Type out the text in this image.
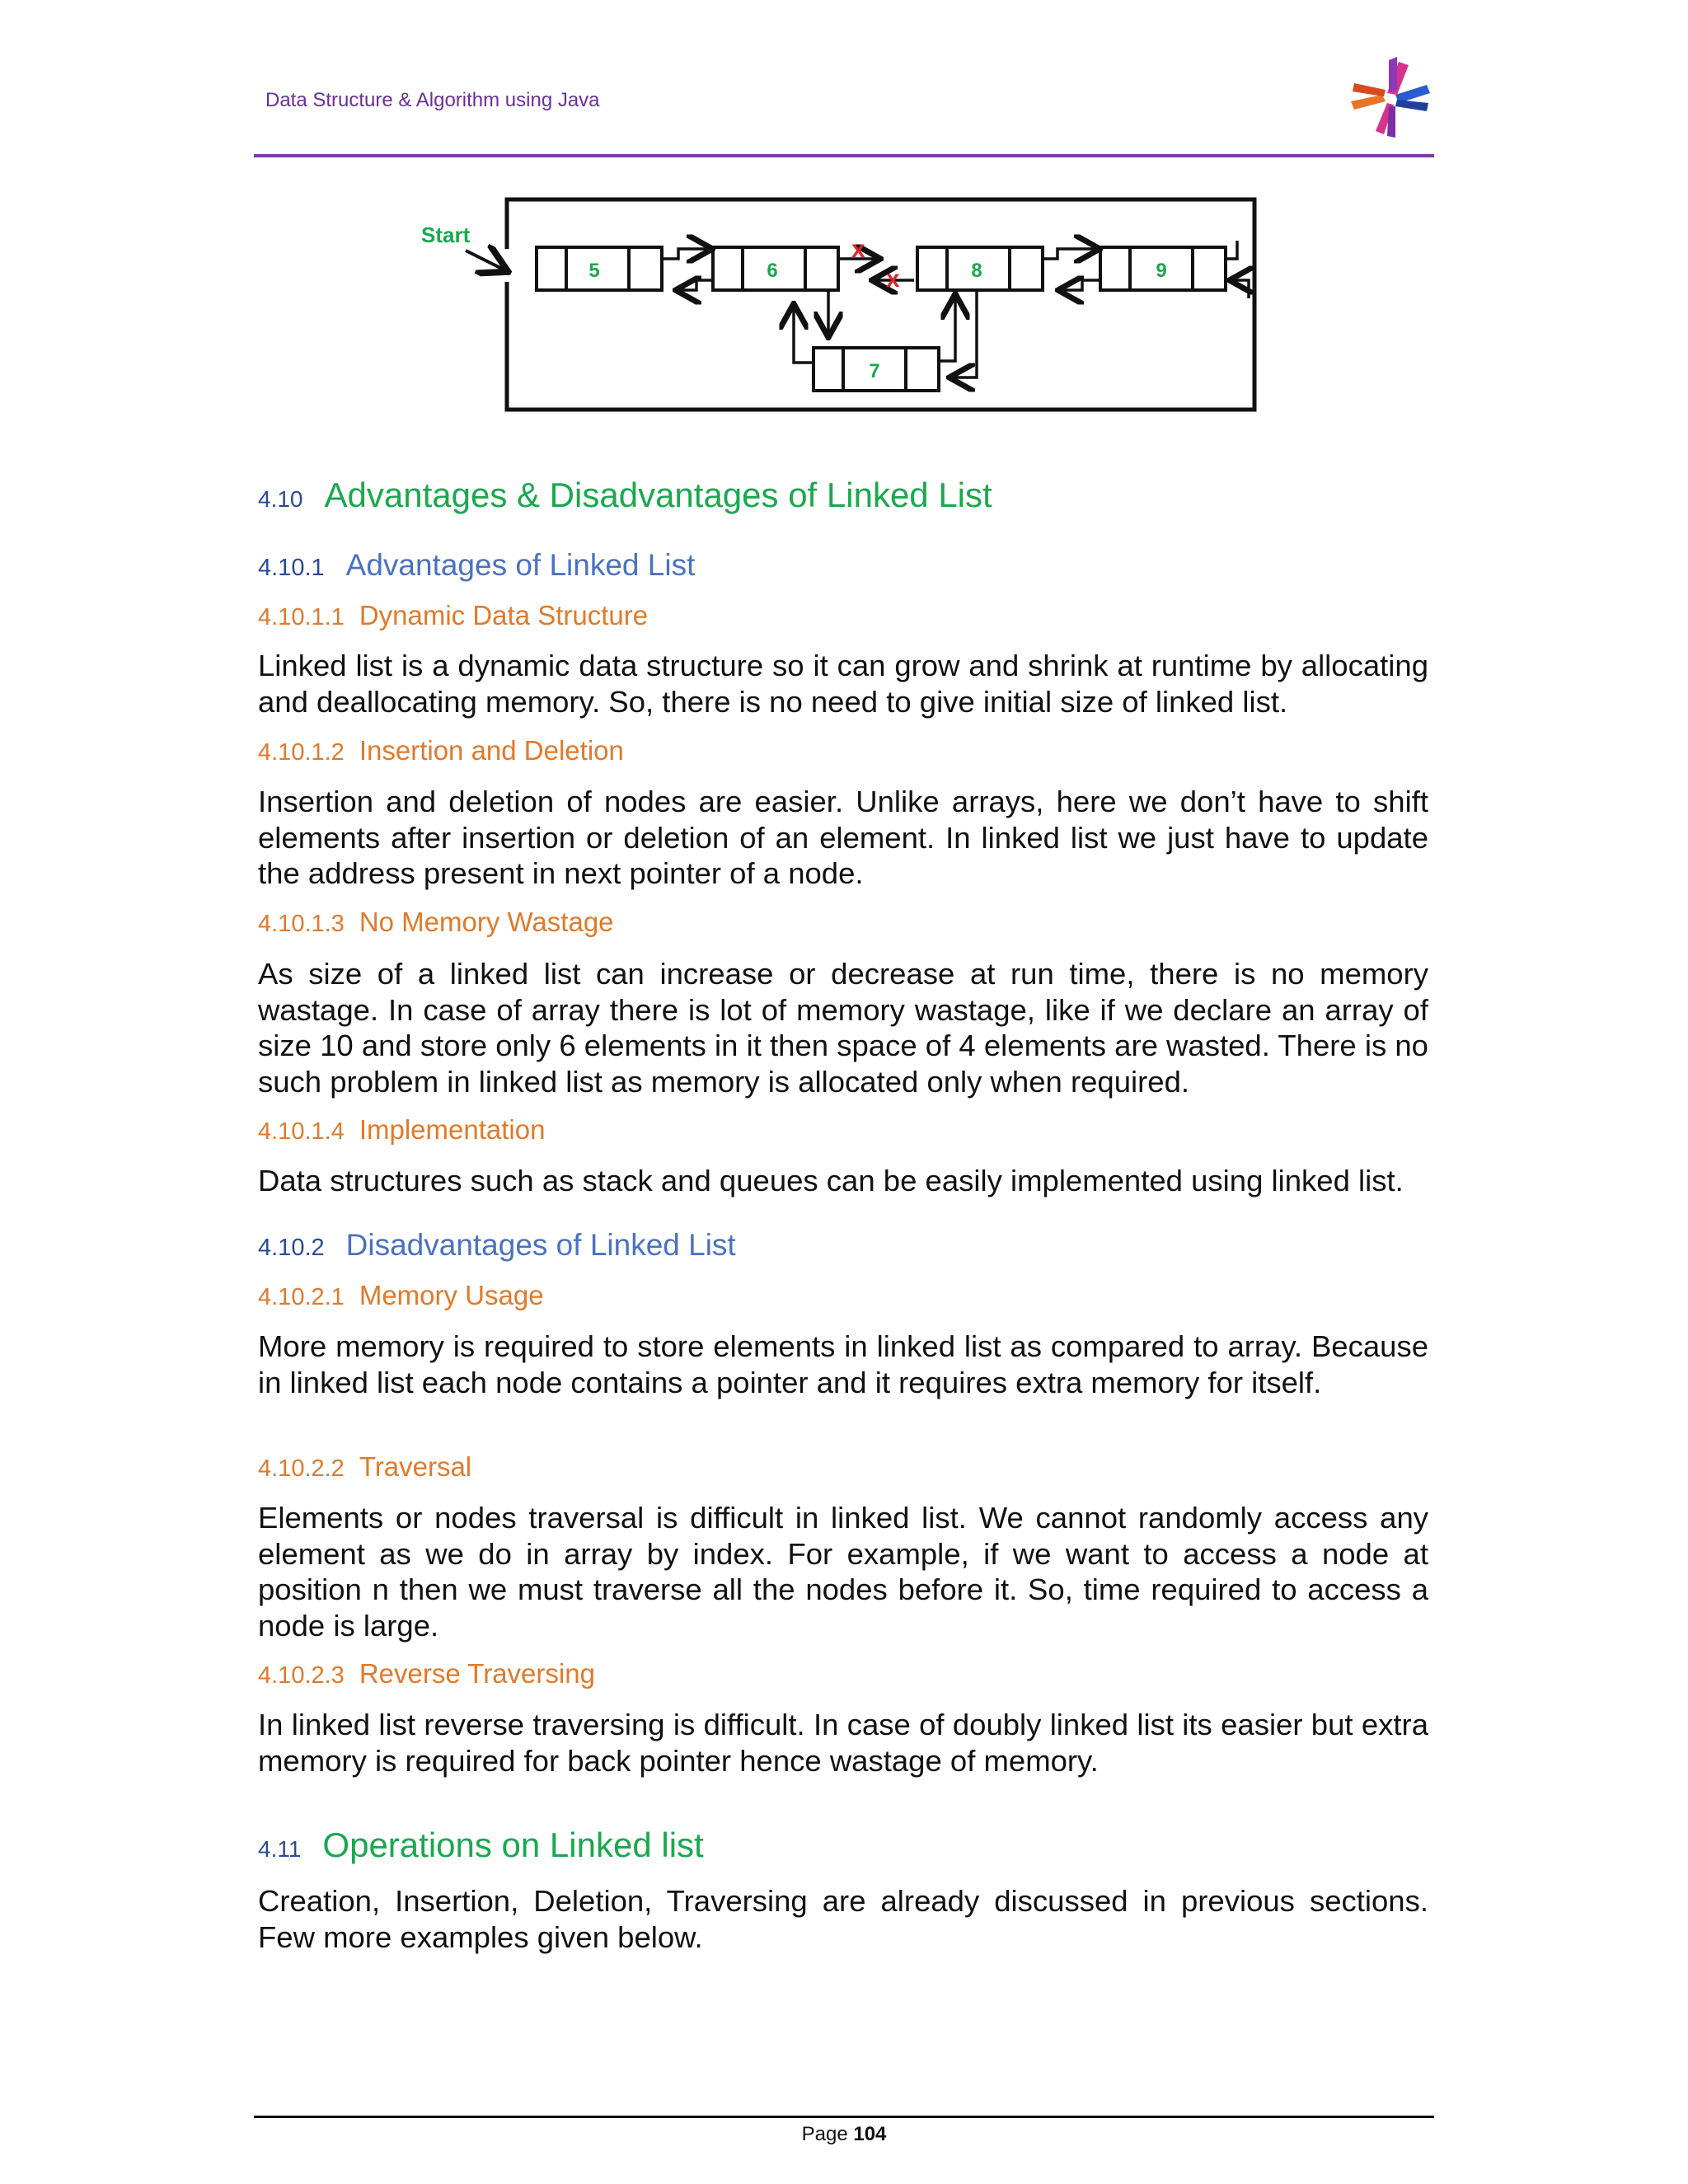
Data Structure & Algorithm using Java
Start
5	6	8	9
7
x
x
4.10 Advantages & Disadvantages of Linked List
4.10.1 Advantages of Linked List
4.10.1.1 Dynamic Data Structure
Linked list is a dynamic data structure so it can grow and shrink at runtime by allocating and deallocating memory. So, there is no need to give initial size of linked list.
4.10.1.2 Insertion and Deletion
Insertion and deletion of nodes are easier. Unlike arrays, here we don’t have to shift elements after insertion or deletion of an element. In linked list we just have to update the address present in next pointer of a node.
4.10.1.3 No Memory Wastage
As size of a linked list can increase or decrease at run time, there is no memory wastage. In case of array there is lot of memory wastage, like if we declare an array of size 10 and store only 6 elements in it then space of 4 elements are wasted. There is no such problem in linked list as memory is allocated only when required.
4.10.1.4 Implementation
Data structures such as stack and queues can be easily implemented using linked list.
4.10.2 Disadvantages of Linked List
4.10.2.1 Memory Usage
More memory is required to store elements in linked list as compared to array. Because in linked list each node contains a pointer and it requires extra memory for itself.
4.10.2.2 Traversal
Elements or nodes traversal is difficult in linked list. We cannot randomly access any element as we do in array by index. For example, if we want to access a node at position n then we must traverse all the nodes before it. So, time required to access a node is large.
4.10.2.3 Reverse Traversing
In linked list reverse traversing is difficult. In case of doubly linked list its easier but extra memory is required for back pointer hence wastage of memory.
4.11 Operations on Linked list
Creation, Insertion, Deletion, Traversing are already discussed in previous sections. Few more examples given below.
Page 104
